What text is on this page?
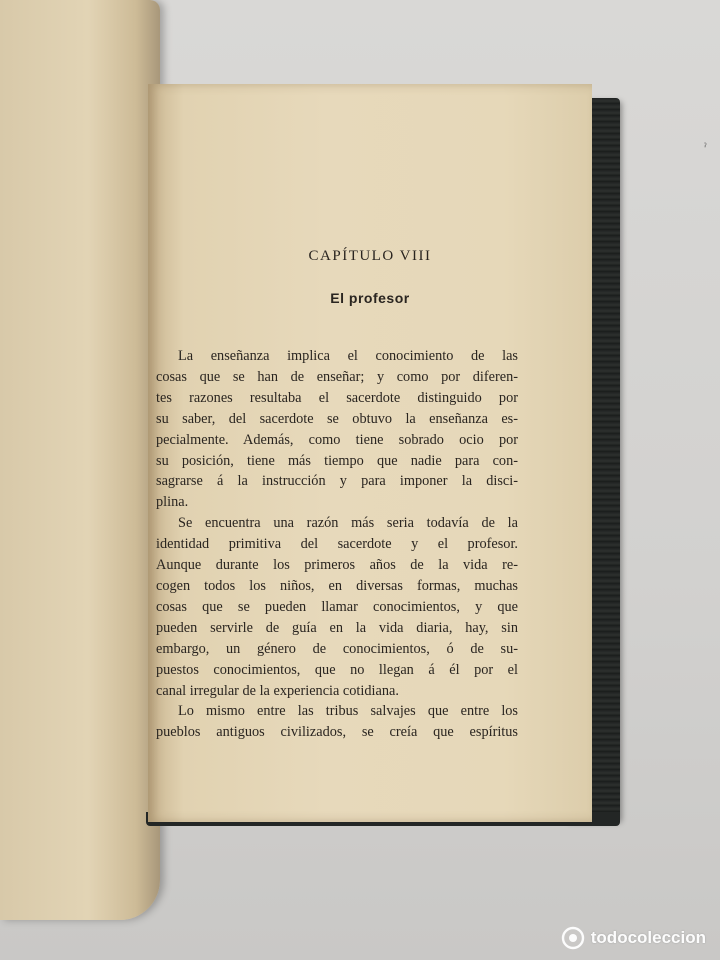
CAPÍTULO VIII
El profesor
La enseñanza implica el conocimiento de las
cosas que se han de enseñar; y como por diferen-
tes razones resultaba el sacerdote distinguido por
su saber, del sacerdote se obtuvo la enseñanza es-
pecialmente. Además, como tiene sobrado ocio por
su posición, tiene más tiempo que nadie para con-
sagrarse á la instrucción y para imponer la disci-
plina.
Se encuentra una razón más seria todavía de la
identidad primitiva del sacerdote y el profesor.
Aunque durante los primeros años de la vida re-
cogen todos los niños, en diversas formas, muchas
cosas que se pueden llamar conocimientos, y que
pueden servirle de guía en la vida diaria, hay, sin
embargo, un género de conocimientos, ó de su-
puestos conocimientos, que no llegan á él por el
canal irregular de la experiencia cotidiana.
Lo mismo entre las tribus salvajes que entre los
pueblos antiguos civilizados, se creía que espíritus
ˀ
todocoleccion
